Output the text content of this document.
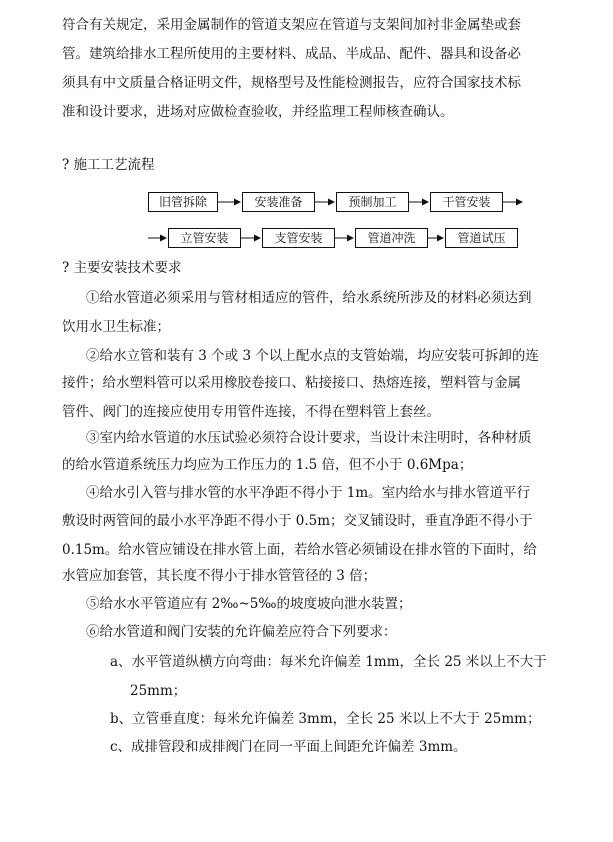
符合有关规定，采用金属制作的管道支架应在管道与支架间加衬非金属垫或套
管。建筑给排水工程所使用的主要材料、成品、半成品、配件、器具和设备必
须具有中文质量合格证明文件，规格型号及性能检测报告，应符合国家技术标
准和设计要求，进场对应做检查验收，并经监理工程师核查确认。
? 施工工艺流程
旧管拆除	安装准备	预制加工	干管安装
立管安装	支管安装	管道冲洗	管道试压
? 主要安装技术要求
①给水管道必须采用与管材相适应的管件，给水系统所涉及的材料必须达到
饮用水卫生标准；
②给水立管和装有 3 个或 3 个以上配水点的支管始端，均应安装可拆卸的连
接件；给水塑料管可以采用橡胶卷接口、粘接接口、热熔连接，塑料管与金属
管件、阀门的连接应使用专用管件连接，不得在塑料管上套丝。
③室内给水管道的水压试验必须符合设计要求，当设计未注明时，各种材质
的给水管道系统压力均应为工作压力的 1.5 倍，但不小于 0.6Mpa；
④给水引入管与排水管的水平净距不得小于 1m。室内给水与排水管道平行
敷设时两管间的最小水平净距不得小于 0.5m；交叉铺设时，垂直净距不得小于
0.15m。给水管应铺设在排水管上面，若给水管必须铺设在排水管的下面时，给
水管应加套管，其长度不得小于排水管管径的 3 倍；
⑤给水水平管道应有 2‰~5‰的坡度坡向泄水装置；
⑥给水管道和阀门安装的允许偏差应符合下列要求：
a、水平管道纵横方向弯曲：每米允许偏差 1mm，全长 25 米以上不大于
25mm；
b、立管垂直度：每米允许偏差 3mm，全长 25 米以上不大于 25mm；
c、成排管段和成排阀门在同一平面上间距允许偏差 3mm。
